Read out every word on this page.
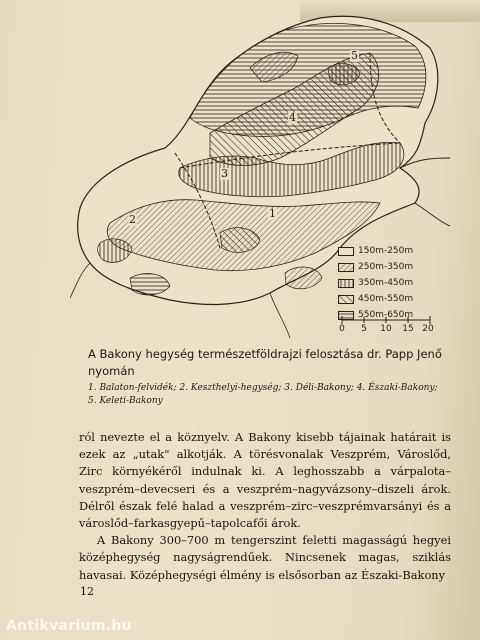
5
4
3
2	1
150m-250m
250m-350m
350m-450m
450m-550m
550m-650m
0 5 10 15 20
A Bakony hegység természetföldrajzi felosztása dr. Papp Jenő
nyomán
1. Balaton-felvidék; 2. Keszthelyi-hegység; 3. Déli-Bakony; 4. Északi-Bakony;
5. Keleti-Bakony

ról nevezte el a köznyelv. A Bakony kisebb tájainak határait is ezek az „utak" alkotják. A törésvonalak Veszprém, Városlőd, Zirc környékéről indulnak ki. A leghosszabb a várpalota–veszprém–devecseri és a veszprém–nagyvázsony–diszeli árok. Délről észak felé halad a veszprém–zirc–veszprémvarsányi és a városlőd–farkasgyepű–tapolcafői árok.

A Bakony 300–700 m tengerszint feletti magasságú hegyei középhegység nagyságrendűek. Nincsenek magas, sziklás havasai. Középhegységi élmény is elsősorban az Északi-Bakony

12
Antikvarium.hu
